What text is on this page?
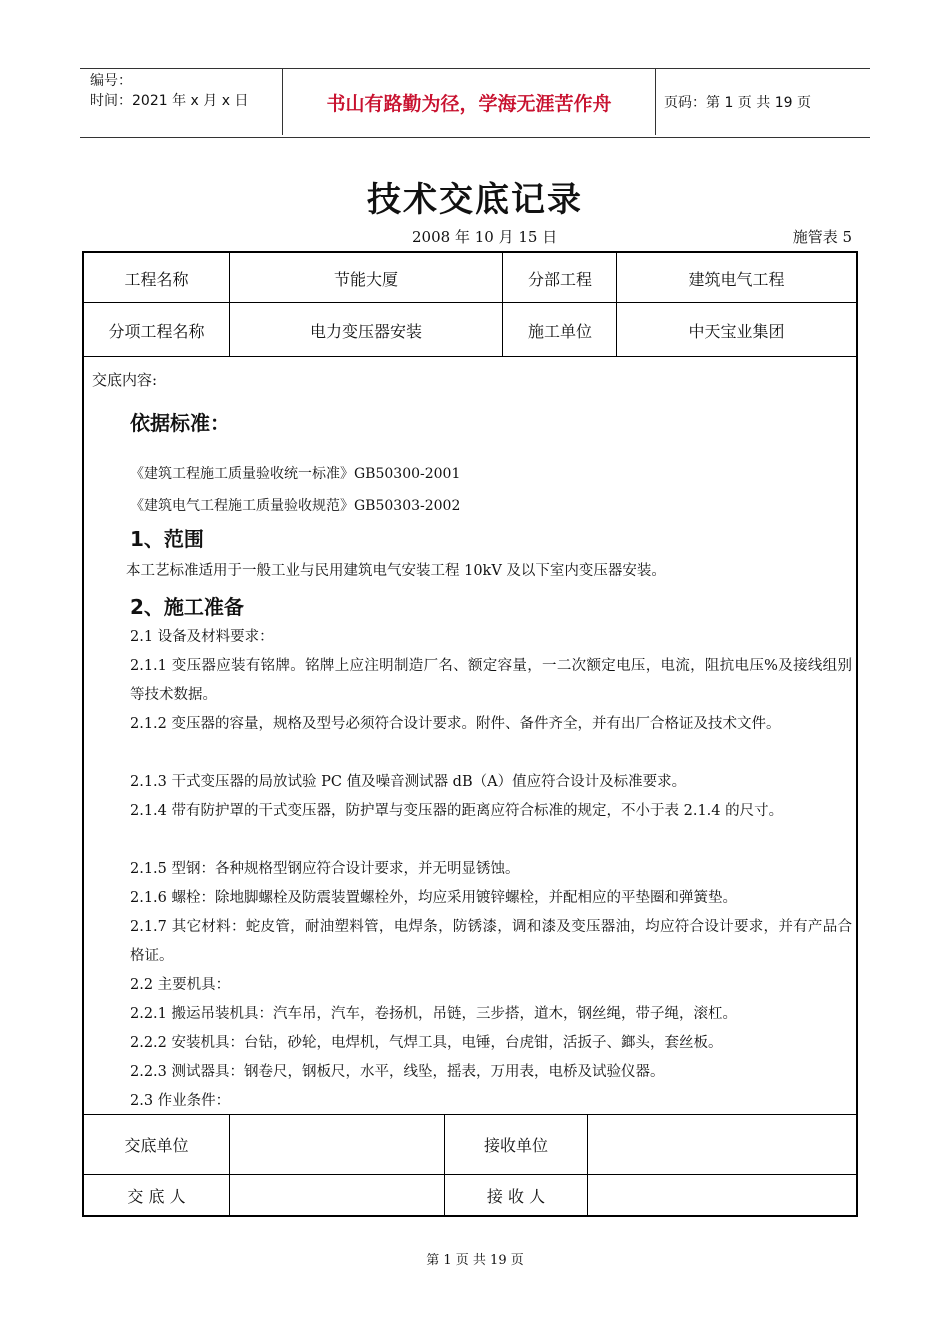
编号：
时间：2021 年 x 月 x 日	书山有路勤为径，学海无涯苦作舟	页码：第 1 页 共 19 页
技术交底记录
2008 年 10 月 15 日	施管表 5
工程名称	节能大厦	分部工程	建筑电气工程
分项工程名称	电力变压器安装	施工单位	中天宝业集团
交底内容:
依据标准：
《建筑工程施工质量验收统一标准》GB50300-2001
《建筑电气工程施工质量验收规范》GB50303-2002
1、范围
本工艺标准适用于一般工业与民用建筑电气安装工程 10kV 及以下室内变压器安装。
2、施工准备
2.1 设备及材料要求：
2.1.1 变压器应装有铭牌。铭牌上应注明制造厂名、额定容量，一二次额定电压，电流，阻抗电压%及接线组别等技术数据。
2.1.2 变压器的容量，规格及型号必须符合设计要求。附件、备件齐全，并有出厂合格证及技术文件。
2.1.3 干式变压器的局放试验 PC 值及噪音测试器 dB（A）值应符合设计及标准要求。
2.1.4 带有防护罩的干式变压器，防护罩与变压器的距离应符合标准的规定，不小于表 2.1.4 的尺寸。
2.1.5 型钢：各种规格型钢应符合设计要求，并无明显锈蚀。
2.1.6 螺栓：除地脚螺栓及防震装置螺栓外，均应采用镀锌螺栓，并配相应的平垫圈和弹簧垫。
2.1.7 其它材料：蛇皮管，耐油塑料管，电焊条，防锈漆，调和漆及变压器油，均应符合设计要求，并有产品合格证。
2.2 主要机具：
2.2.1 搬运吊装机具：汽车吊，汽车，卷扬机，吊链，三步搭，道木，钢丝绳，带子绳，滚杠。
2.2.2 安装机具：台钻，砂轮，电焊机，气焊工具，电锤，台虎钳，活扳子、鎯头，套丝板。
2.2.3 测试器具：钢卷尺，钢板尺，水平，线坠，摇表，万用表，电桥及试验仪器。
2.3 作业条件：
交底单位	接收单位
交 底 人	接 收 人
第 1 页 共 19 页
